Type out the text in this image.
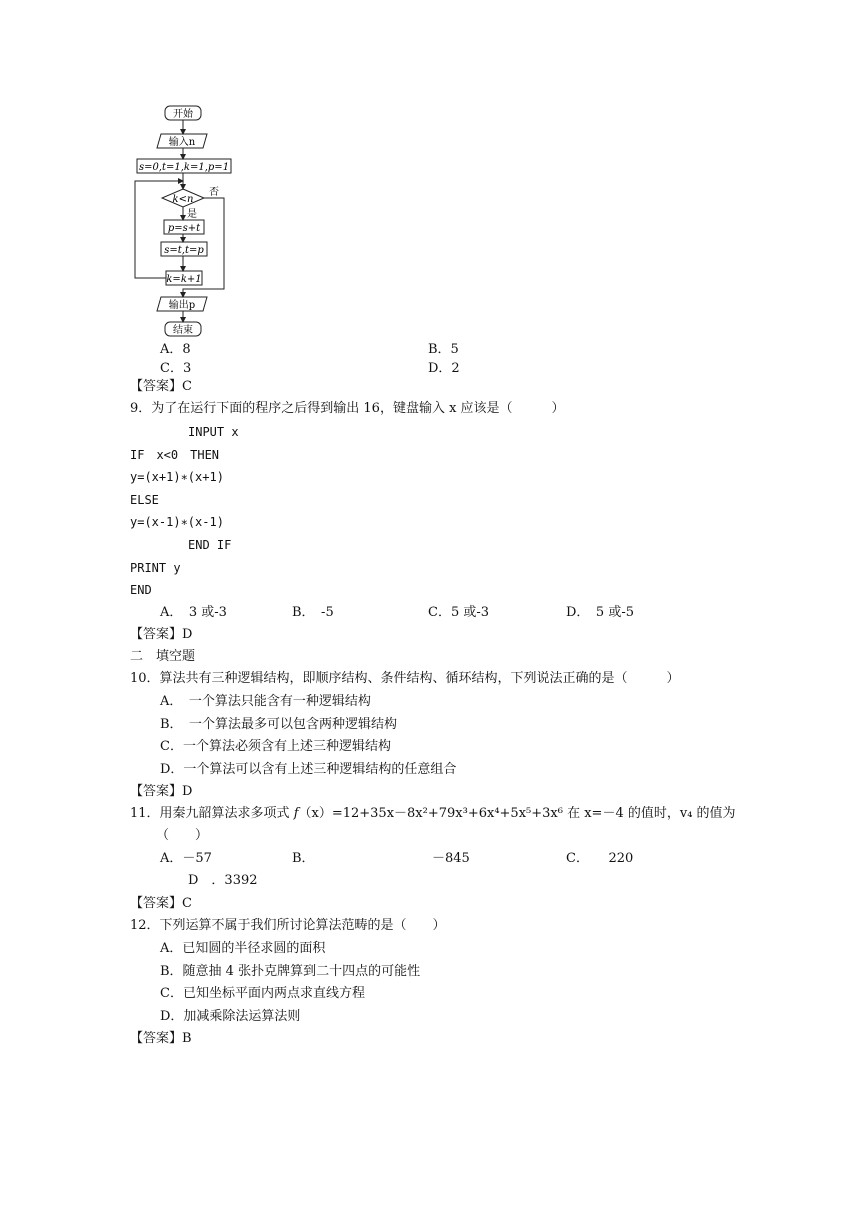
开始
输入n
s=0,t=1,k=1,p=1
k<n
否
是
p=s+t
s=t,t=p
k=k+1
输出p
结束
A．8	B．5
C．3	D．2
【答案】C
9．为了在运行下面的程序之后得到输出 16，键盘输入 x 应该是（　　　）
INPUT x
IF　x<0　THEN
y=(x+1)∗(x+1)
ELSE
y=(x-1)∗(x-1)
END IF
PRINT y
END
A．　3 或-3	B．　-5	C．5 或-3	D．　5 或-5
【答案】D
二　填空题
10．算法共有三种逻辑结构，即顺序结构、条件结构、循环结构，下列说法正确的是（　　　）
A．　一个算法只能含有一种逻辑结构
B．　一个算法最多可以包含两种逻辑结构
C．一个算法必须含有上述三种逻辑结构
D．一个算法可以含有上述三种逻辑结构的任意组合
【答案】D
11．用秦九韶算法求多项式 f（x）=12+35x－8x²+79x³+6x⁴+5x⁵+3x⁶ 在 x=－4 的值时，v₄ 的值为
（　　）
A．－57	B．	－845	C．　　220
D　．3392
【答案】C
12．下列运算不属于我们所讨论算法范畴的是（　　）
A．已知圆的半径求圆的面积
B．随意抽 4 张扑克牌算到二十四点的可能性
C．已知坐标平面内两点求直线方程
D．加减乘除法运算法则
【答案】B
